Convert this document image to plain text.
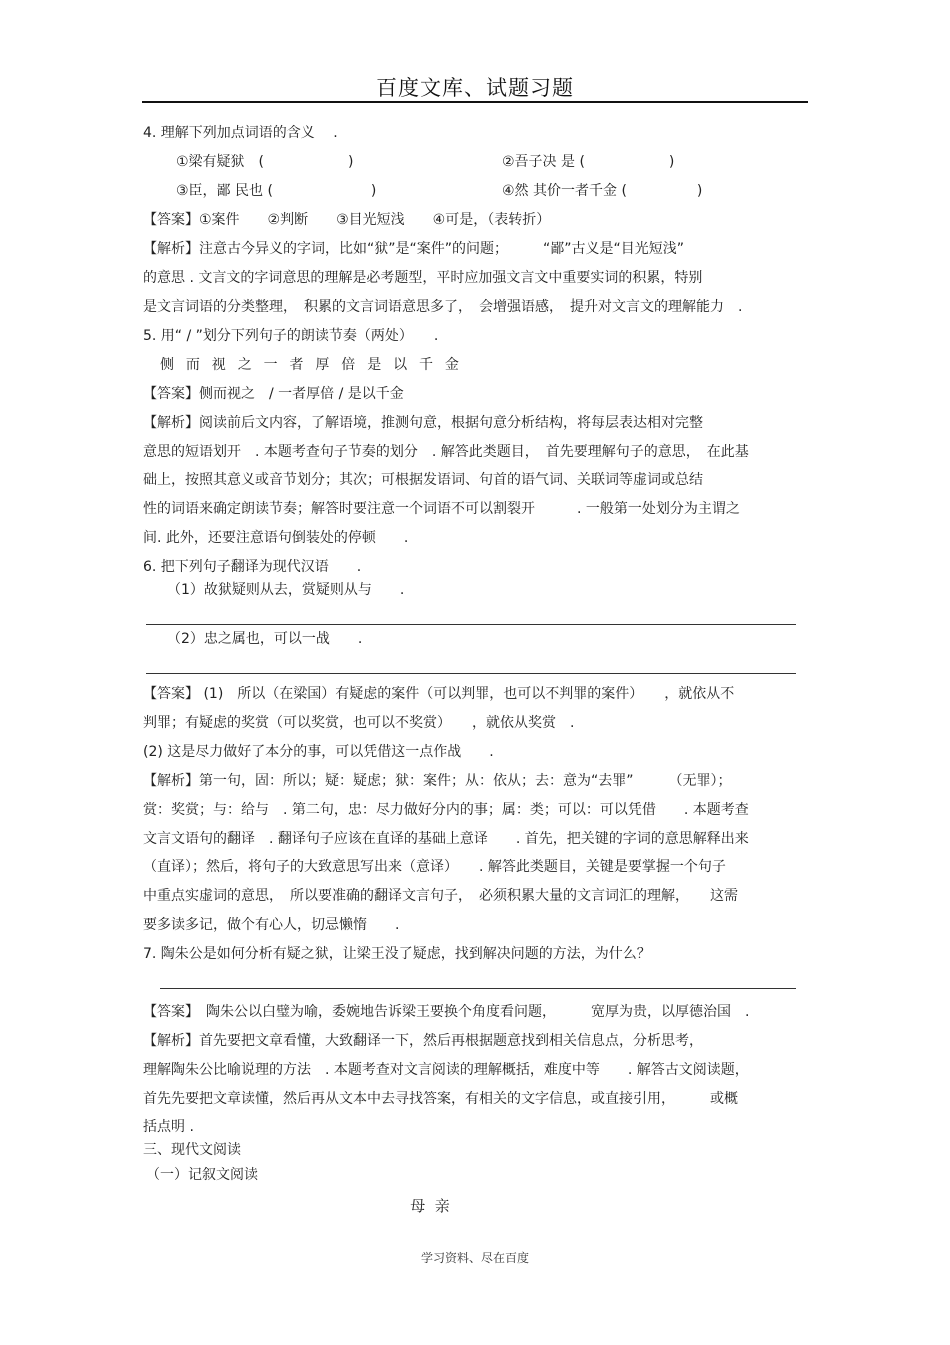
百度文库、试题习题
4. 理解下列加点词语的含义 　.
①梁有疑狱　(　　　　　　)	②吾子决 是 (　　　　　　)
③臣，鄙 民也 (　　　　　　　)	④然 其价一者千金 (　　　　　)
【答案】①案件　　②判断　　③目光短浅　　④可是，（表转折）
【解析】注意古今异义的字词，比如“狱”是“案件”的问题；　　　“鄙”古义是“目光短浅”
的意思 . 文言文的字词意思的理解是必考题型，平时应加强文言文中重要实词的积累，特别
是文言词语的分类整理，　积累的文言词语意思多了，　会增强语感，　提升对文言文的理解能力　.
5. 用“ / ”划分下列句子的朗读节奏（两处）　　.
侧  而  视  之  一  者  厚  倍  是  以  千  金
【答案】侧而视之　/ 一者厚倍 / 是以千金
【解析】阅读前后文内容，了解语境，推测句意，根据句意分析结构，将每层表达相对完整
意思的短语划开　. 本题考查句子节奏的划分　. 解答此类题目，　首先要理解句子的意思，　在此基
础上，按照其意义或音节划分；其次；可根据发语词、句首的语气词、关联词等虚词或总结
性的词语来确定朗读节奏；解答时要注意一个词语不可以割裂开　　　. 一般第一处划分为主谓之
间. 此外，还要注意语句倒装处的停顿　　.
6. 把下列句子翻译为现代汉语　　.
（1）故狱疑则从去，赏疑则从与　　.
（2）忠之属也，可以一战　　.
【答案】 (1)　所以（在梁国）有疑虑的案件（可以判罪，也可以不判罪的案件）　　，就依从不
判罪；有疑虑的奖赏（可以奖赏，也可以不奖赏）　　，就依从奖赏　.
(2) 这是尽力做好了本分的事，可以凭借这一点作战　　.
【解析】第一句，固：所以；疑：疑虑；狱：案件；从：依从；去：意为“去罪”　　　（无罪）；
赏：奖赏；与：给与　. 第二句，忠：尽力做好分内的事；属：类；可以：可以凭借　　. 本题考查
文言文语句的翻译　. 翻译句子应该在直译的基础上意译　　. 首先，把关键的字词的意思解释出来
（直译）；然后，将句子的大致意思写出来（意译）　　. 解答此类题目，关键是要掌握一个句子
中重点实虚词的意思，　所以要准确的翻译文言句子，　必须积累大量的文言词汇的理解，　　这需
要多读多记，做个有心人，切忌懒惰　　.
7. 陶朱公是如何分析有疑之狱，让梁王没了疑虑，找到解决问题的方法，为什么？
【答案】　陶朱公以白璧为喻，委婉地告诉梁王要换个角度看问题，　　　宽厚为贵，以厚德治国　.
【解析】首先要把文章看懂，大致翻译一下，然后再根据题意找到相关信息点，分析思考，
理解陶朱公比喻说理的方法　. 本题考查对文言阅读的理解概括，难度中等　　. 解答古文阅读题，
首先先要把文章读懂，然后再从文本中去寻找答案，有相关的文字信息，或直接引用，　　　或概
括点明 .
三、现代文阅读
（一）记叙文阅读
母  亲
学习资料、尽在百度
